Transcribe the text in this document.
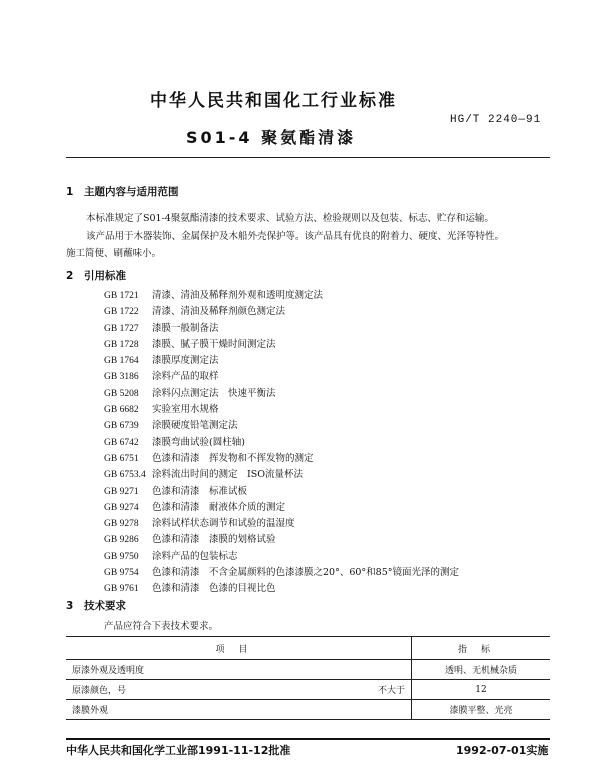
中华人民共和国化工行业标准
HG/T 2240—91
S01-4 聚氨酯清漆
1 主题内容与适用范围
本标准规定了S01-4聚氨酯清漆的技术要求、试验方法、检验规则以及包装、标志、贮存和运输。
该产品用于木器装饰、金属保护及木船外壳保护等。该产品具有优良的附着力、硬度、光泽等特性。
施工简便、刷蘸味小。
2 引用标准
GB 1721 清漆、清油及稀释剂外观和透明度测定法
GB 1722 清漆、清油及稀释剂颜色测定法
GB 1727 漆膜一般制备法
GB 1728 漆膜、腻子膜干燥时间测定法
GB 1764 漆膜厚度测定法
GB 3186 涂料产品的取样
GB 5208 涂料闪点测定法　快速平衡法
GB 6682 实验室用水规格
GB 6739 涂膜硬度铅笔测定法
GB 6742 漆膜弯曲试验(圆柱轴)
GB 6751 色漆和清漆　挥发物和不挥发物的测定
GB 6753.4 涂料流出时间的测定　ISO流量杯法
GB 9271 色漆和清漆　标准试板
GB 9274 色漆和清漆　耐液体介质的测定
GB 9278 涂料试样状态调节和试验的温湿度
GB 9286 色漆和清漆　漆膜的划格试验
GB 9750 涂料产品的包装标志
GB 9754 色漆和清漆　不含金属颜料的色漆漆膜之20°、60°和85°镜面光泽的测定
GB 9761 色漆和清漆　色漆的目视比色
3 技术要求
产品应符合下表技术要求。
项目	指标
原漆外观及透明度	透明、无机械杂质
原漆颜色，号 不大于	12
漆膜外观	漆膜平整、光亮
中华人民共和国化学工业部1991-11-12批准	1992-07-01实施
